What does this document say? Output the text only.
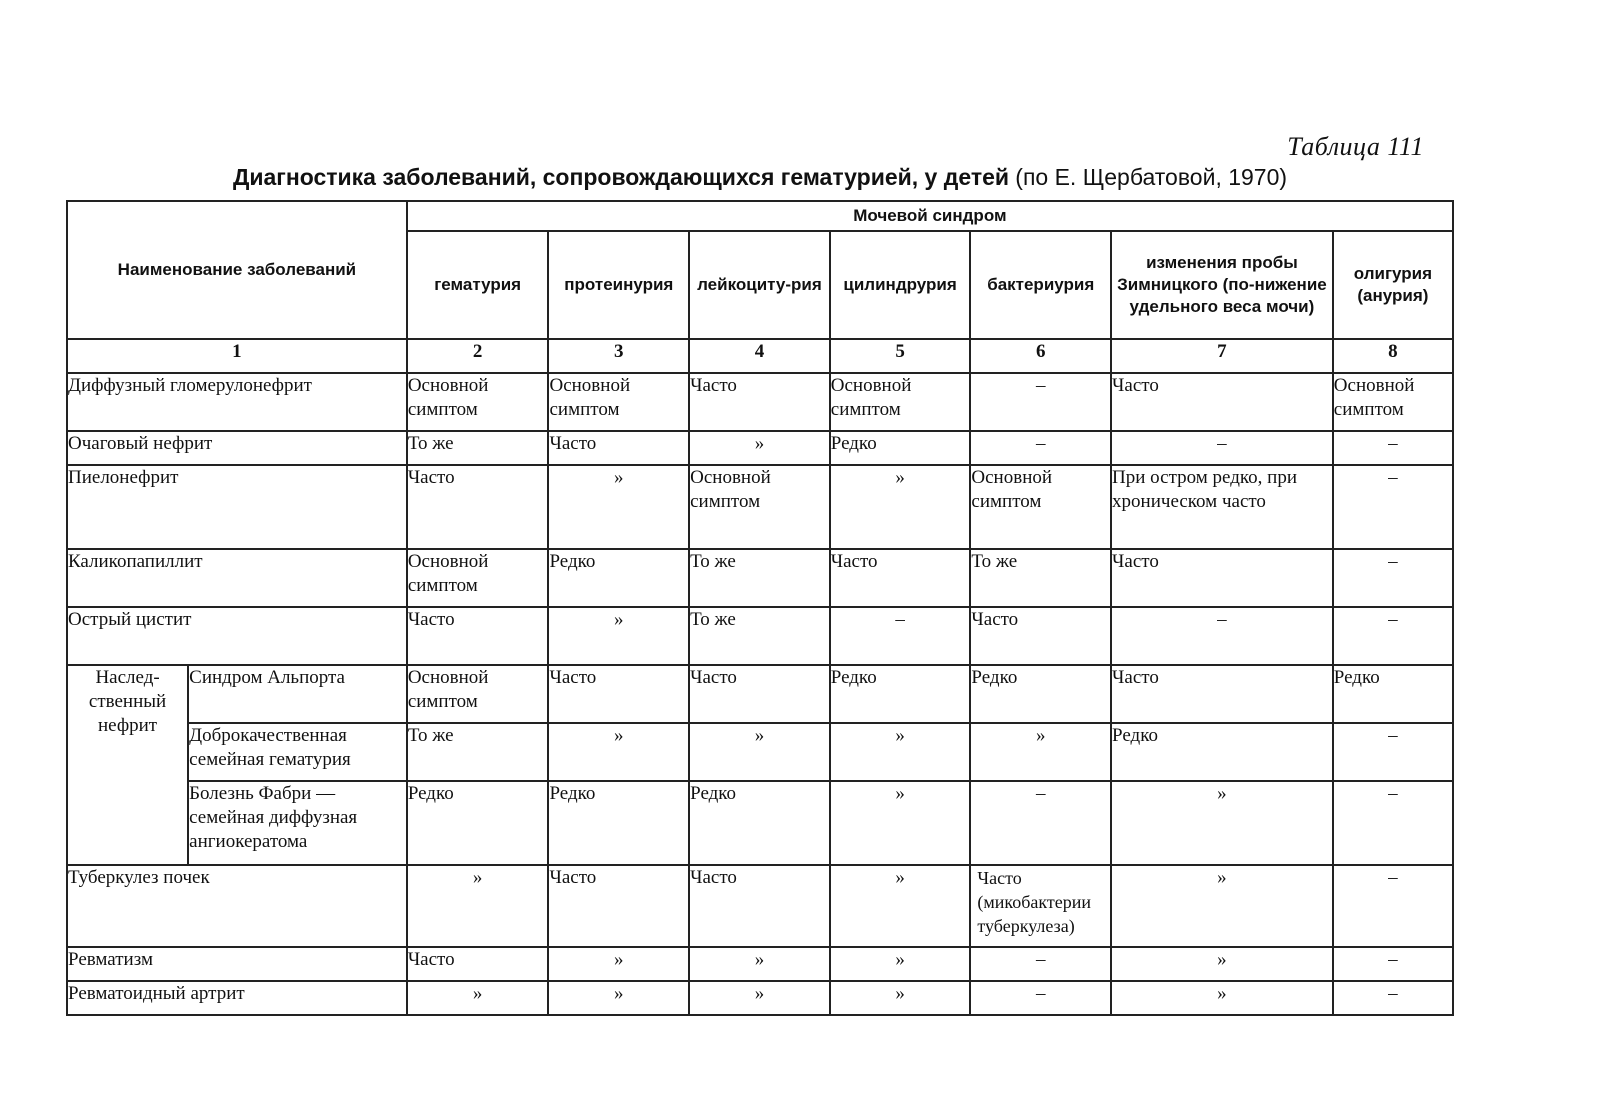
Таблица 111
Диагностика заболеваний, сопровождающихся гематурией, у детей (по Е. Щербатовой, 1970)
Наименование заболеваний		Мочевой синдром						
		гематурия	протеинурия	лейкоциту-рия	цилиндрурия	бактериурия	изменения пробы Зимницкого (по-нижение удельного веса мочи)	олигурия (анурия)
1		2	3	4	5	6	7	8
Диффузный гломерулонефрит		Основной симптом	Основной симптом	Часто	Основной симптом	–	Часто	Основной симптом
Очаговый нефрит		То же	Часто	»	Редко	–	–	–
Пиелонефрит		Часто	»	Основной симптом	»	Основной симптом	При остром редко, при хроническом часто	–
Каликопапиллит		Основной симптом	Редко	То же	Часто	То же	Часто	–
Острый цистит		Часто	»	То же	–	Часто	–	–
Наслед-ственный нефрит	Синдром Альпорта	Основной симптом	Часто	Часто	Редко	Редко	Часто	Редко
	Доброкачественная семейная гематурия	То же	»	»	»	»	Редко	–
	Болезнь Фабри — семейная диффузная ангиокератома	Редко	Редко	Редко	»	–	»	–
Туберкулез почек		»	Часто	Часто	»	Часто (микобактерии туберкулеза)	»	–
Ревматизм		Часто	»	»	»	–	»	–
Ревматоидный артрит		»	»	»	»	–	»	–
